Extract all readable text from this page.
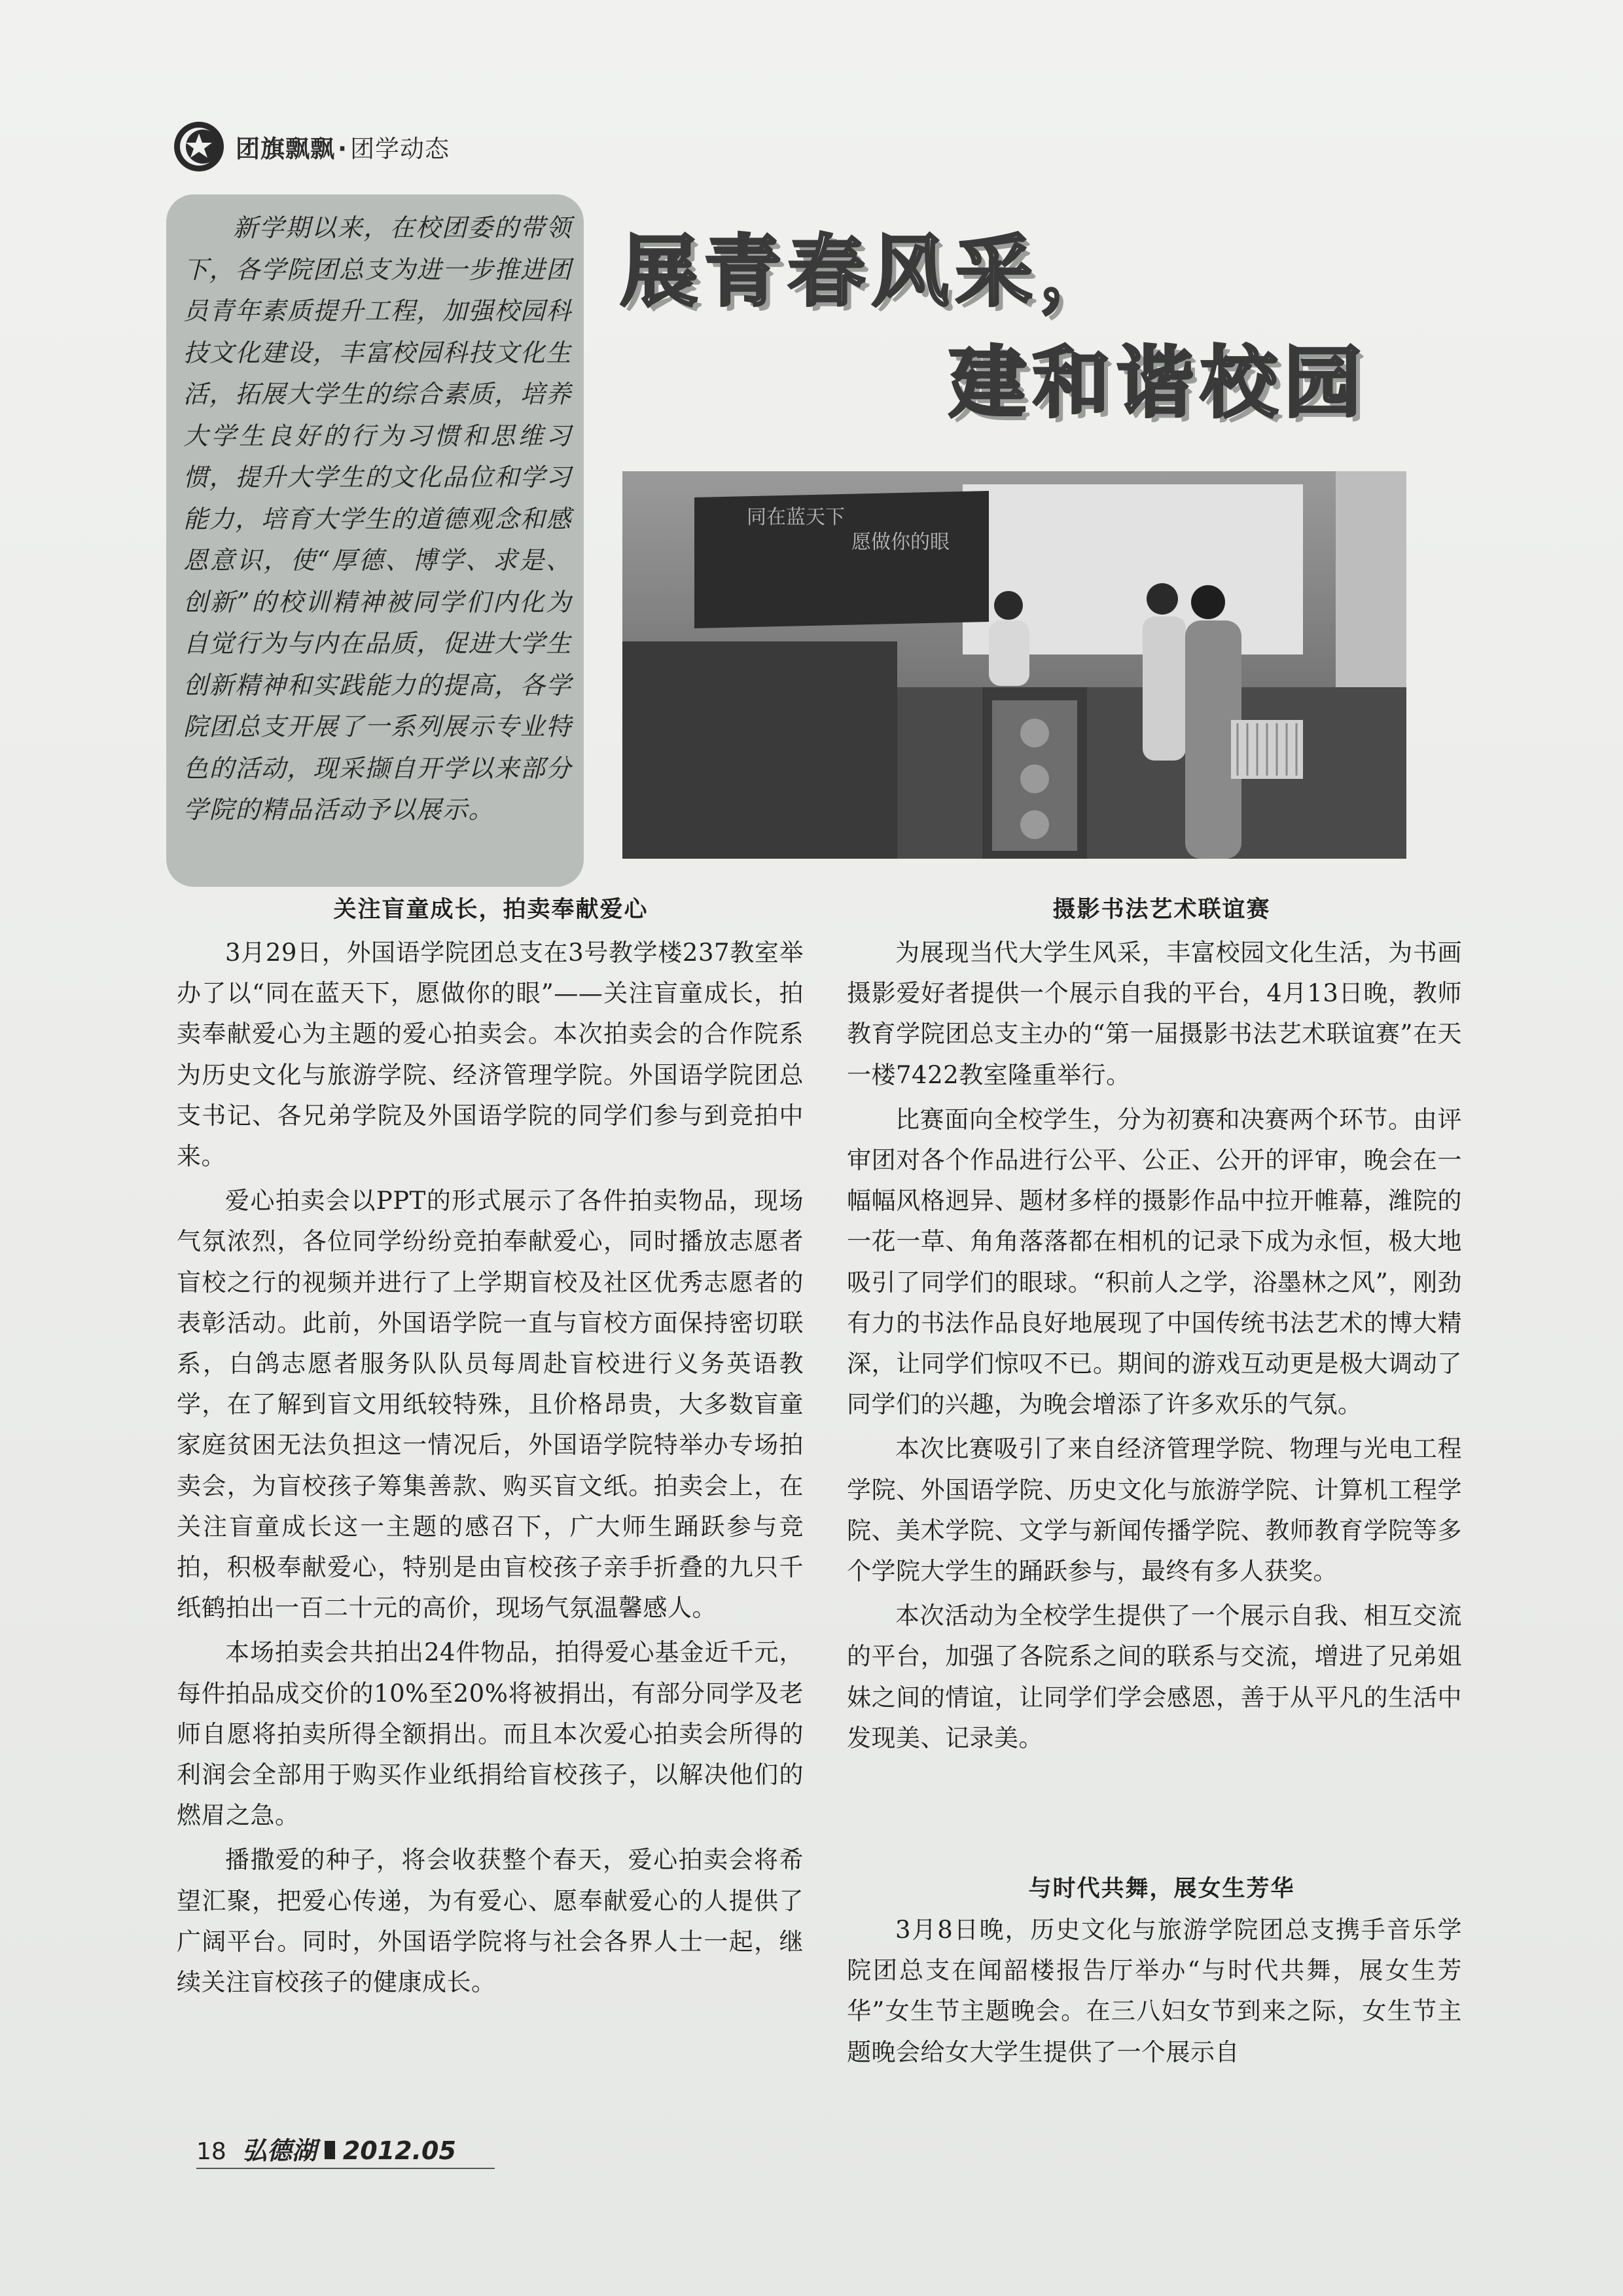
团旗飘飘 · 团学动态

新学期以来，在校团委的带领下，各学院团总支为进一步推进团员青年素质提升工程，加强校园科技文化建设，丰富校园科技文化生活，拓展大学生的综合素质，培养大学生良好的行为习惯和思维习惯，提升大学生的文化品位和学习能力，培育大学生的道德观念和感恩意识，使“厚德、博学、求是、创新”的校训精神被同学们内化为自觉行为与内在品质，促进大学生创新精神和实践能力的提高，各学院团总支开展了一系列展示专业特色的活动，现采撷自开学以来部分学院的精品活动予以展示。

展青春风采，
建和谐校园
同在蓝天下
愿做你的眼
关注盲童成长，拍卖奉献爱心	摄影书法艺术联谊赛
与时代共舞，展女生芳华

3月29日，外国语学院团总支在3号教学楼237教室举办了以“同在蓝天下，愿做你的眼”——关注盲童成长，拍卖奉献爱心为主题的爱心拍卖会。本次拍卖会的合作院系为历史文化与旅游学院、经济管理学院。外国语学院团总支书记、各兄弟学院及外国语学院的同学们参与到竞拍中来。

爱心拍卖会以PPT的形式展示了各件拍卖物品，现场气氛浓烈，各位同学纷纷竞拍奉献爱心，同时播放志愿者盲校之行的视频并进行了上学期盲校及社区优秀志愿者的表彰活动。此前，外国语学院一直与盲校方面保持密切联系，白鸽志愿者服务队队员每周赴盲校进行义务英语教学，在了解到盲文用纸较特殊，且价格昂贵，大多数盲童家庭贫困无法负担这一情况后，外国语学院特举办专场拍卖会，为盲校孩子筹集善款、购买盲文纸。拍卖会上，在关注盲童成长这一主题的感召下，广大师生踊跃参与竞拍，积极奉献爱心，特别是由盲校孩子亲手折叠的九只千纸鹤拍出一百二十元的高价，现场气氛温馨感人。

本场拍卖会共拍出24件物品，拍得爱心基金近千元，每件拍品成交价的10%至20%将被捐出，有部分同学及老师自愿将拍卖所得全额捐出。而且本次爱心拍卖会所得的利润会全部用于购买作业纸捐给盲校孩子，以解决他们的燃眉之急。

播撒爱的种子，将会收获整个春天，爱心拍卖会将希望汇聚，把爱心传递，为有爱心、愿奉献爱心的人提供了广阔平台。同时，外国语学院将与社会各界人士一起，继续关注盲校孩子的健康成长。

为展现当代大学生风采，丰富校园文化生活，为书画摄影爱好者提供一个展示自我的平台，4月13日晚，教师教育学院团总支主办的“第一届摄影书法艺术联谊赛”在天一楼7422教室隆重举行。

比赛面向全校学生，分为初赛和决赛两个环节。由评审团对各个作品进行公平、公正、公开的评审，晚会在一幅幅风格迥异、题材多样的摄影作品中拉开帷幕，潍院的一花一草、角角落落都在相机的记录下成为永恒，极大地吸引了同学们的眼球。“积前人之学，浴墨林之风”，刚劲有力的书法作品良好地展现了中国传统书法艺术的博大精深，让同学们惊叹不已。期间的游戏互动更是极大调动了同学们的兴趣，为晚会增添了许多欢乐的气氛。

本次比赛吸引了来自经济管理学院、物理与光电工程学院、外国语学院、历史文化与旅游学院、计算机工程学院、美术学院、文学与新闻传播学院、教师教育学院等多个学院大学生的踊跃参与，最终有多人获奖。

本次活动为全校学生提供了一个展示自我、相互交流的平台，加强了各院系之间的联系与交流，增进了兄弟姐妹之间的情谊，让同学们学会感恩，善于从平凡的生活中发现美、记录美。

3月8日晚，历史文化与旅游学院团总支携手音乐学院团总支在闻韶楼报告厅举办“与时代共舞，展女生芳华”女生节主题晚会。在三八妇女节到来之际，女生节主题晚会给女大学生提供了一个展示自

18 弘德湖 2012.05
